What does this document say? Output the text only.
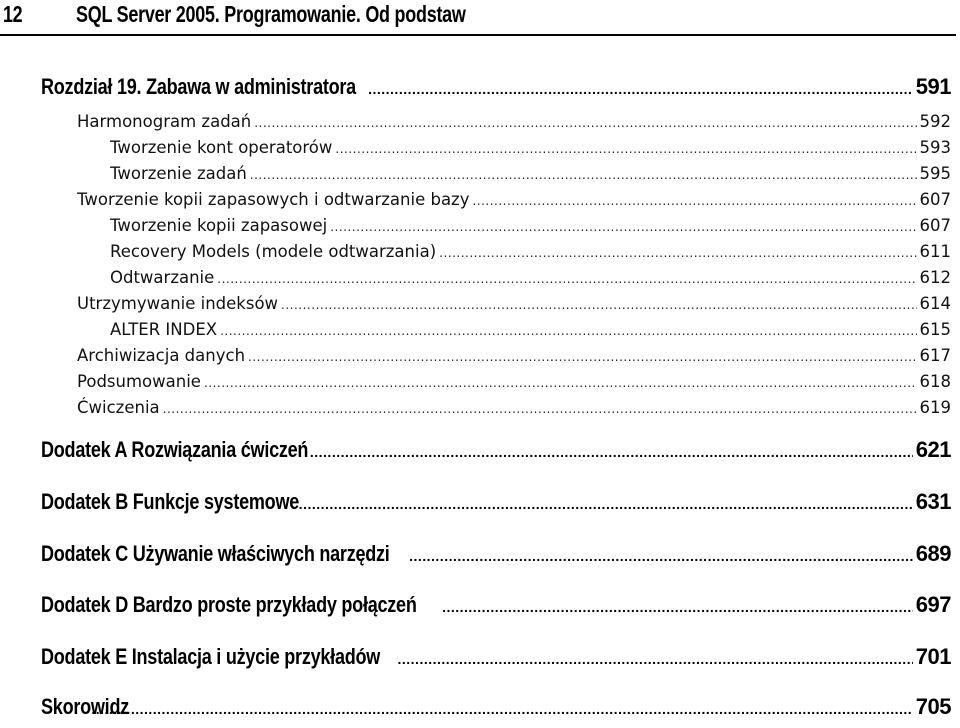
12 SQL Server 2005. Programowanie. Od podstaw
Rozdział 19. Zabawa w administratora .....	591
Harmonogram zadań .....	592
Tworzenie kont operatorów .....	593
Tworzenie zadań .....	595
Tworzenie kopii zapasowych i odtwarzanie bazy .....	607
Tworzenie kopii zapasowej .....	607
Recovery Models (modele odtwarzania) .....	611
Odtwarzanie .....	612
Utrzymywanie indeksów .....	614
ALTER INDEX .....	615
Archiwizacja danych .....	617
Podsumowanie .....	618
Ćwiczenia .....	619
Dodatek A Rozwiązania ćwiczeń .....	621
Dodatek B Funkcje systemowe .....	631
Dodatek C Używanie właściwych narzędzi .....	689
Dodatek D Bardzo proste przykłady połączeń .....	697
Dodatek E Instalacja i użycie przykładów .....	701
Skorowidz .....	705
